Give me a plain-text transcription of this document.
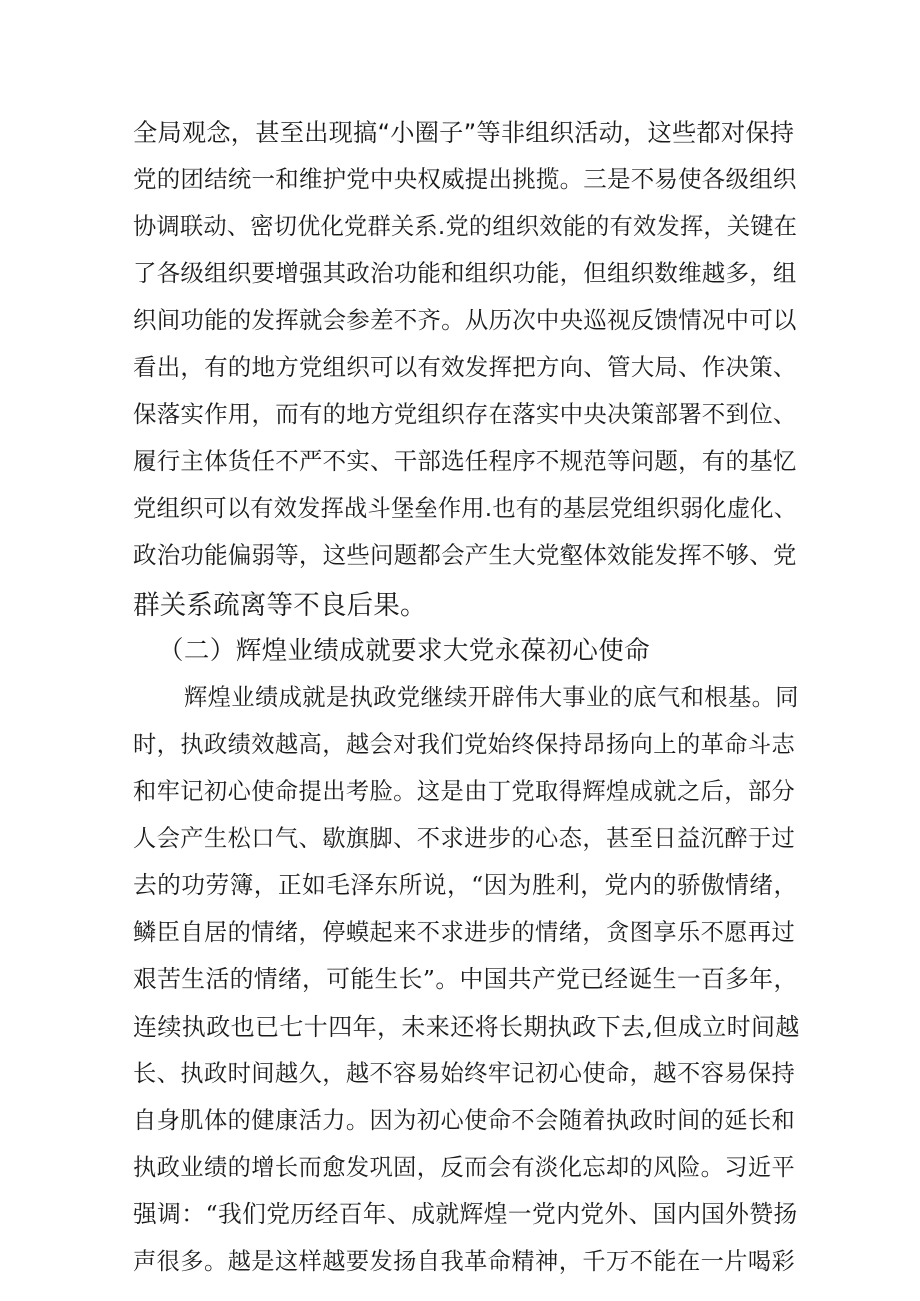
全局观念，甚至出现搞“小圈子”等非组织活动，这些都对保持
党的团结统一和维护党中央权威提出挑揽。三是不易使各级组织
协调联动、密切优化党群关系.党的组织效能的有效发挥，关键在
了各级组织要增强其政治功能和组织功能，但组织数维越多，组
织间功能的发挥就会参差不齐。从历次中央巡视反馈情况中可以
看出，有的地方党组织可以有效发挥把方向、管大局、作决策、
保落实作用，而有的地方党组织存在落实中央决策部署不到位、
履行主体货任不严不实、干部选任程序不规范等问题，有的基忆
党组织可以有效发挥战斗堡垒作用.也有的基层党组织弱化虚化、
政治功能偏弱等，这些问题都会产生大党壑体效能发挥不够、党
群关系疏离等不良后果。
（二）辉煌业绩成就要求大党永葆初心使命
辉煌业绩成就是执政党继续开辟伟大事业的底气和根基。同
时，执政绩效越高，越会对我们党始终保持昂扬向上的革命斗志
和牢记初心使命提出考脸。这是由丁党取得辉煌成就之后，部分
人会产生松口气、歇旗脚、不求进步的心态，甚至日益沉醉于过
去的功劳簿，正如毛泽东所说，“因为胜利，党内的骄傲情绪，
鳞臣自居的情绪，停蟆起来不求进步的情绪，贪图享乐不愿再过
艰苦生活的情绪，可能生长”。中国共产党已经诞生一百多年，
连续执政也已七十四年，未来还将长期执政下去,但成立时间越
长、执政时间越久，越不容易始终牢记初心使命，越不容易保持
自身肌体的健康活力。因为初心使命不会随着执政时间的延长和
执政业绩的增长而愈发巩固，反而会有淡化忘却的风险。习近平
强调：“我们党历经百年、成就辉煌一党内党外、国内国外赞扬
声很多。越是这样越要发扬自我革命精神，千万不能在一片喝彩
